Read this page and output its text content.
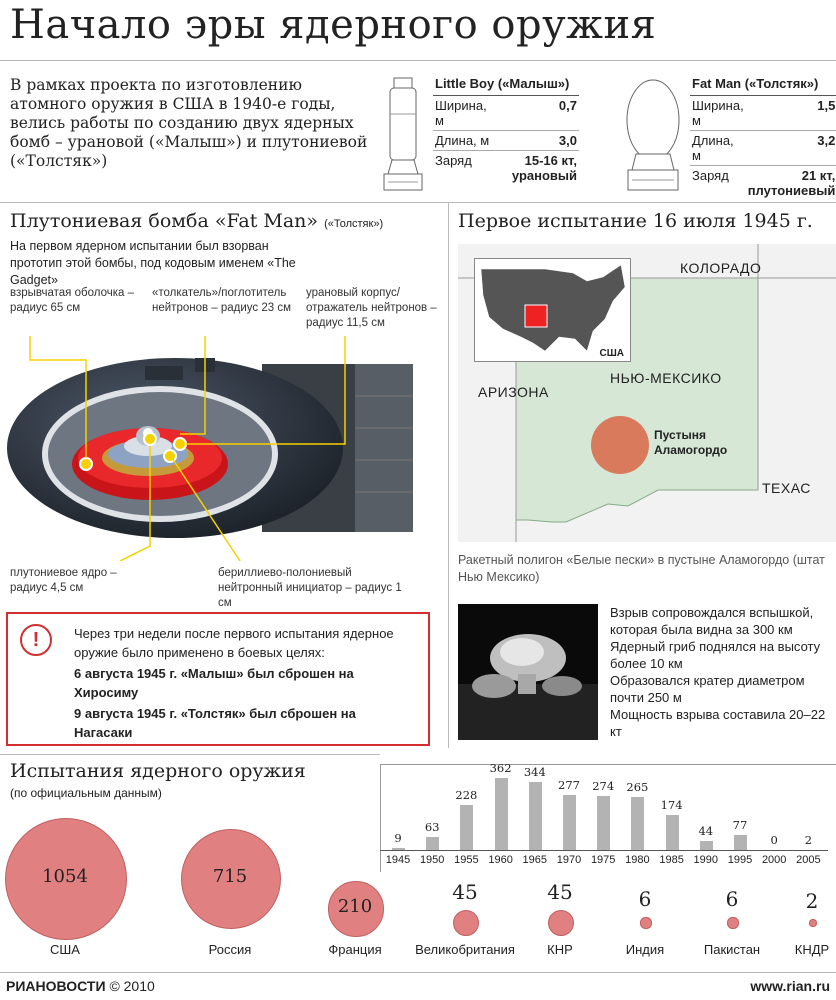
Начало эры ядерного оружия
В рамках проекта по изготовлению атомного оружия в США в 1940-е годы, велись работы по созданию двух ядерных бомб – урановой («Малыш») и плутониевой («Толстяк»)
Little Boy («Малыш»)	
Ширина, м	0,7
Длина, м	3,0
Заряд	15-16 кт, урановый
Fat Man («Толстяк»)	
Ширина, м	1,5
Длина, м	3,2
Заряд	21 кт, плутониевый
Плутониевая бомба «Fat Man» («Толстяк»)
На первом ядерном испытании был взорван прототип этой бомбы, под кодовым именем «The Gadget»
взрывчатая оболочка – радиус 65 см
«толкатель»/поглотитель нейтронов – радиус 23 см
урановый корпус/ отражатель нейтронов – радиус 11,5 см
плутониевое ядро – радиус 4,5 см
бериллиево-полониевый нейтронный инициатор – радиус 1 см
!	Через три недели после первого испытания ядерное оружие было применено в боевых целях:
6 августа 1945 г. «Малыш» был сброшен на Хиросиму
9 августа 1945 г. «Толстяк» был сброшен на Нагасаки
Первое испытание 16 июля 1945 г.
США
КОЛОРАДО
АРИЗОНА
НЬЮ-МЕКСИКО
ТЕХАС
Пустыня Аламогордо
Ракетный полигон «Белые пески» в пустыне Аламогордо (штат Нью Мексико)
Взрыв сопровождался вспышкой, которая была видна за 300 км
Ядерный гриб поднялся на высоту более 10 км
Образовался кратер диаметром почти 250 м
Мощность взрыва составила 20–22 кт
Испытания ядерного оружия
(по официальным данным)
9
1945
63
1950
228
1955
362
1960
344
1965
277
1970
274
1975
265
1980
174
1985
44
1990
77
1995
0
2000
2
2005
1054
США
715
Россия
210
Франция
45
Великобритания
45
КНР
6
Индия
6
Пакистан
2
КНДР
РИАНОВОСТИ © 2010	www.rian.ru
